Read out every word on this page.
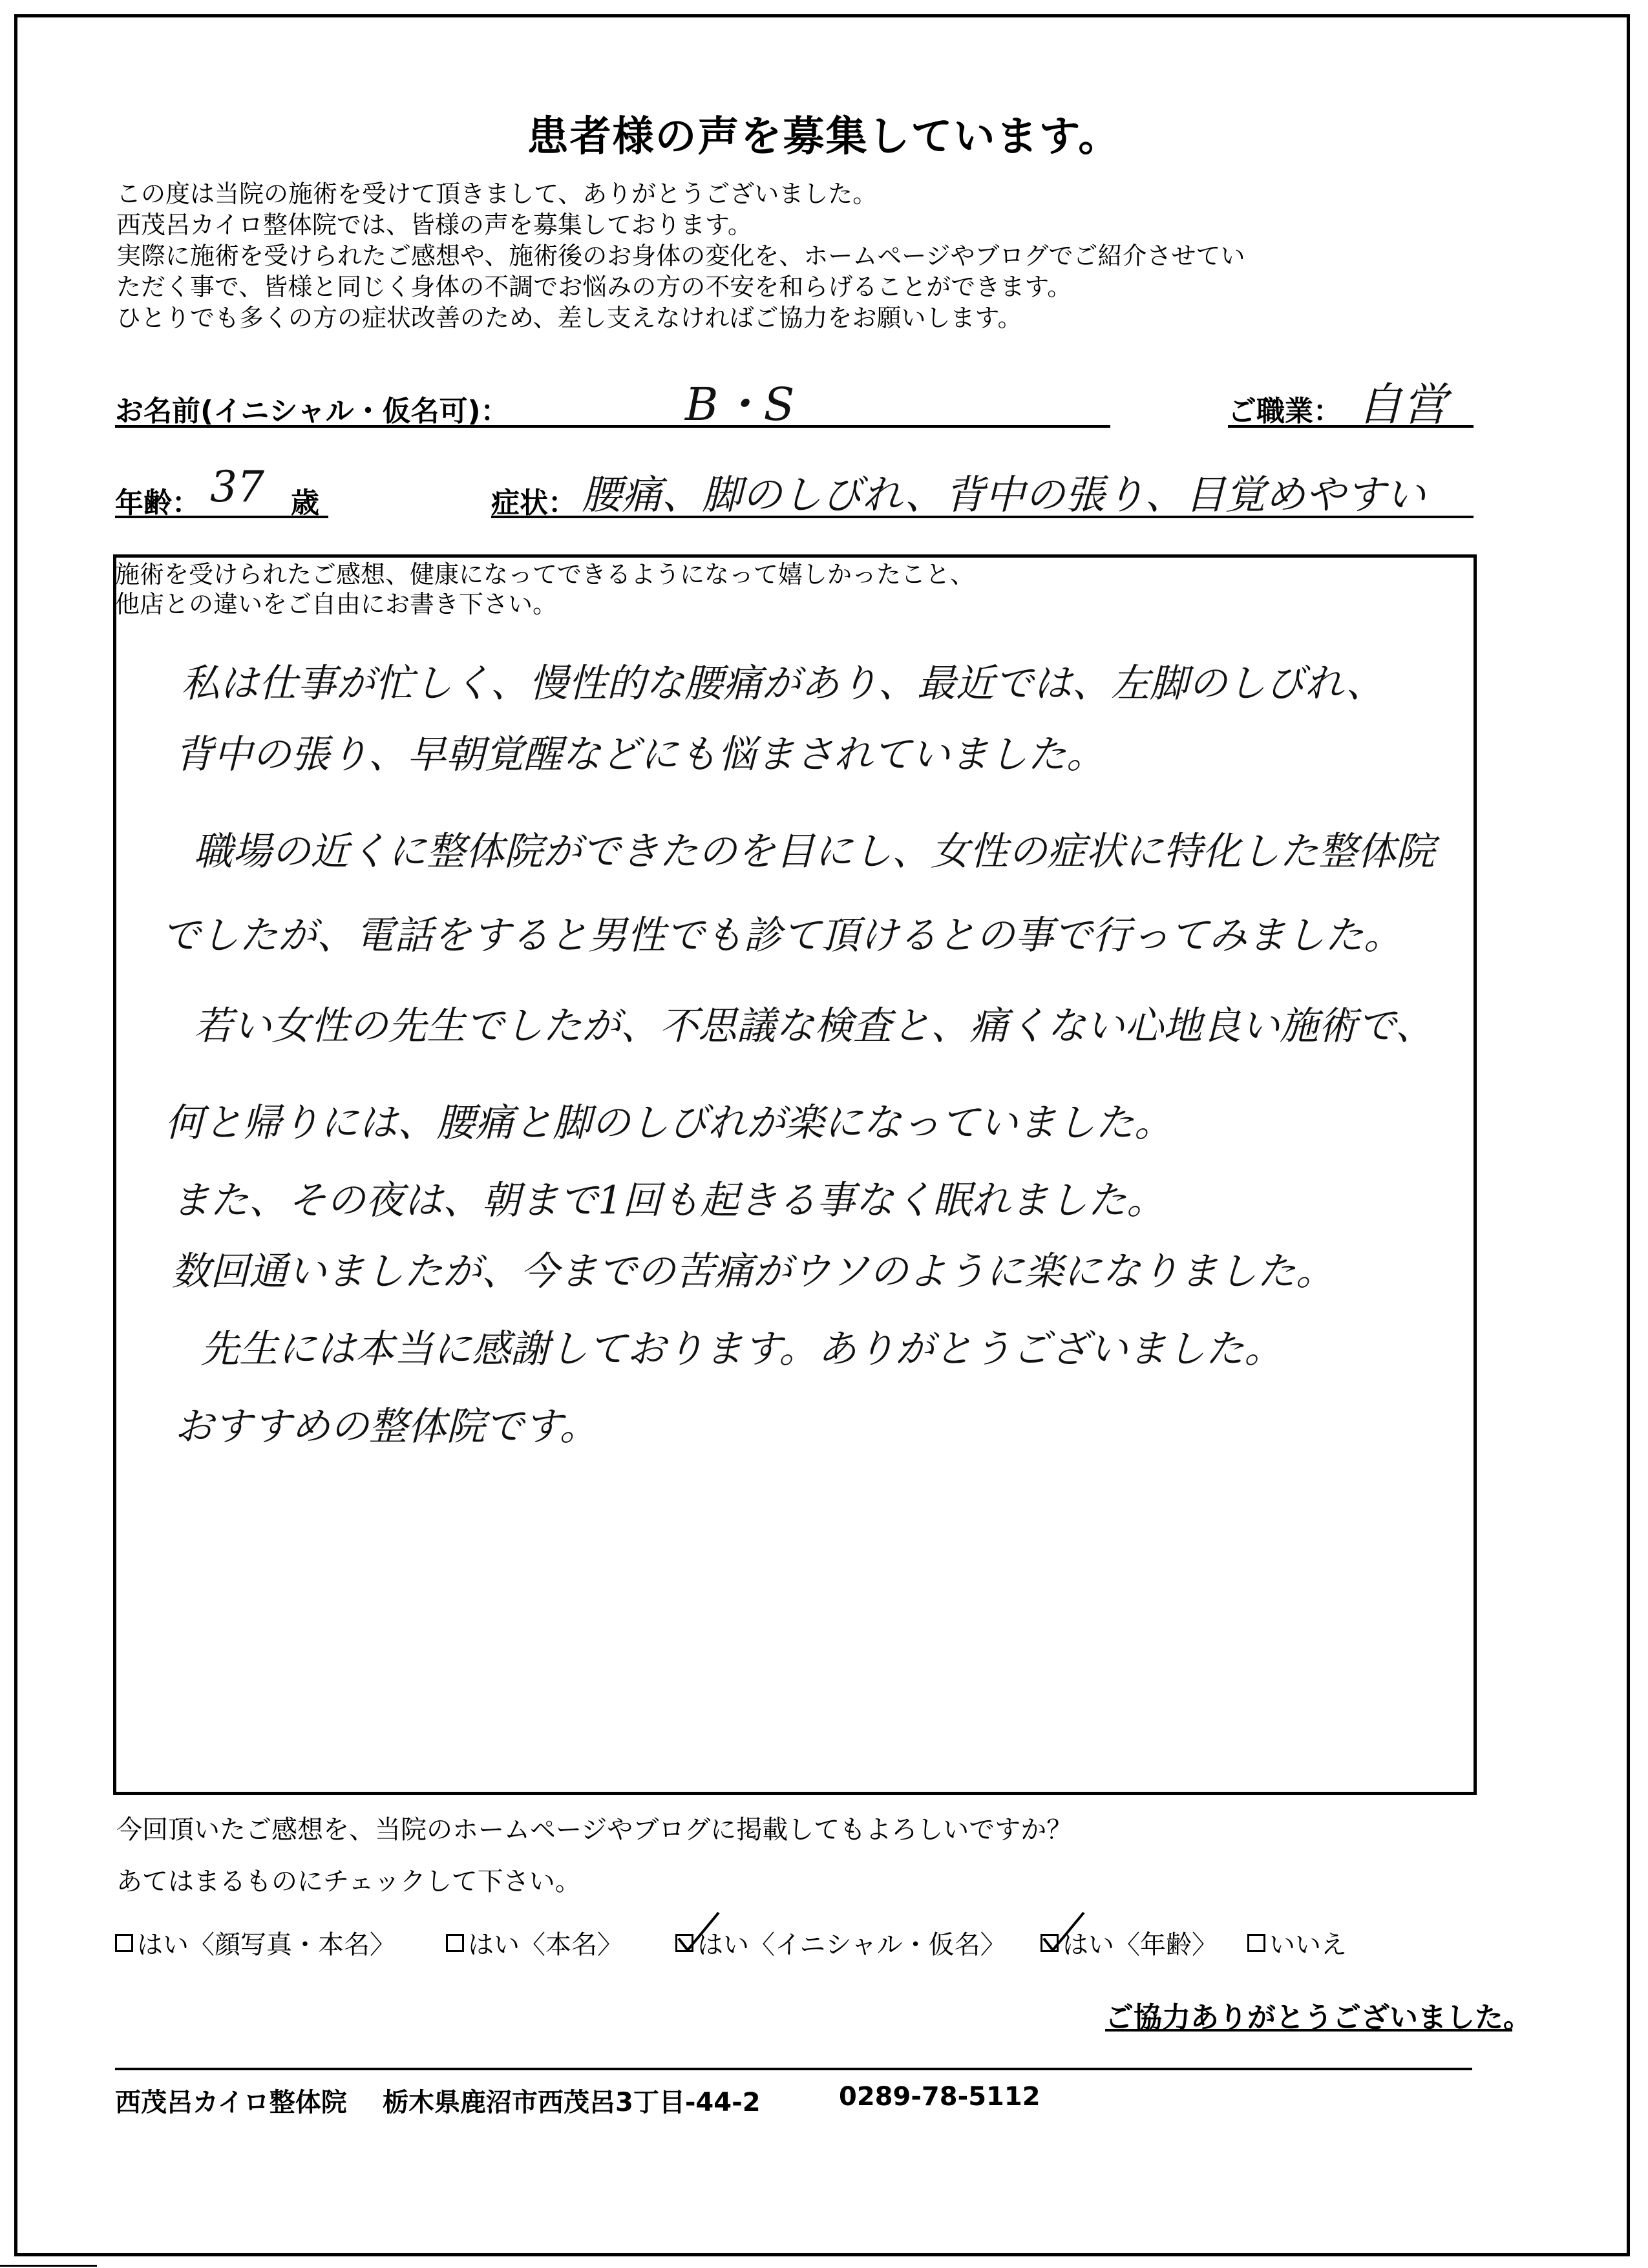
患者様の声を募集しています。
この度は当院の施術を受けて頂きまして、ありがとうございました。
西茂呂カイロ整体院では、皆様の声を募集しております。
実際に施術を受けられたご感想や、施術後のお身体の変化を、ホームページやブログでご紹介させてい
ただく事で、皆様と同じく身体の不調でお悩みの方の不安を和らげることができます。
ひとりでも多くの方の症状改善のため、差し支えなければご協力をお願いします。
お名前(イニシャル・仮名可)：	B・S	ご職業： 自営
年齢： 37 歳	症状： 腰痛、脚のしびれ、背中の張り、目覚めやすい
施術を受けられたご感想、健康になってできるようになって嬉しかったこと、
他店との違いをご自由にお書き下さい。
私は仕事が忙しく、慢性的な腰痛があり、最近では、左脚のしびれ、
背中の張り、早朝覚醒などにも悩まされていました。
職場の近くに整体院ができたのを目にし、女性の症状に特化した整体院
でしたが、電話をすると男性でも診て頂けるとの事で行ってみました。
若い女性の先生でしたが、不思議な検査と、痛くない心地良い施術で、
何と帰りには、腰痛と脚のしびれが楽になっていました。
また、その夜は、朝まで1回も起きる事なく眠れました。
数回通いましたが、今までの苦痛がウソのように楽になりました。
先生には本当に感謝しております。ありがとうございました。
おすすめの整体院です。
今回頂いたご感想を、当院のホームページやブログに掲載してもよろしいですか？
あてはまるものにチェックして下さい。
はい〈顔写真・本名〉	はい〈本名〉	はい〈イニシャル・仮名〉 はい〈年齢〉 いいえ
ご協力ありがとうございました。
西茂呂カイロ整体院 栃木県鹿沼市西茂呂3丁目-44-2	0289-78-5112
